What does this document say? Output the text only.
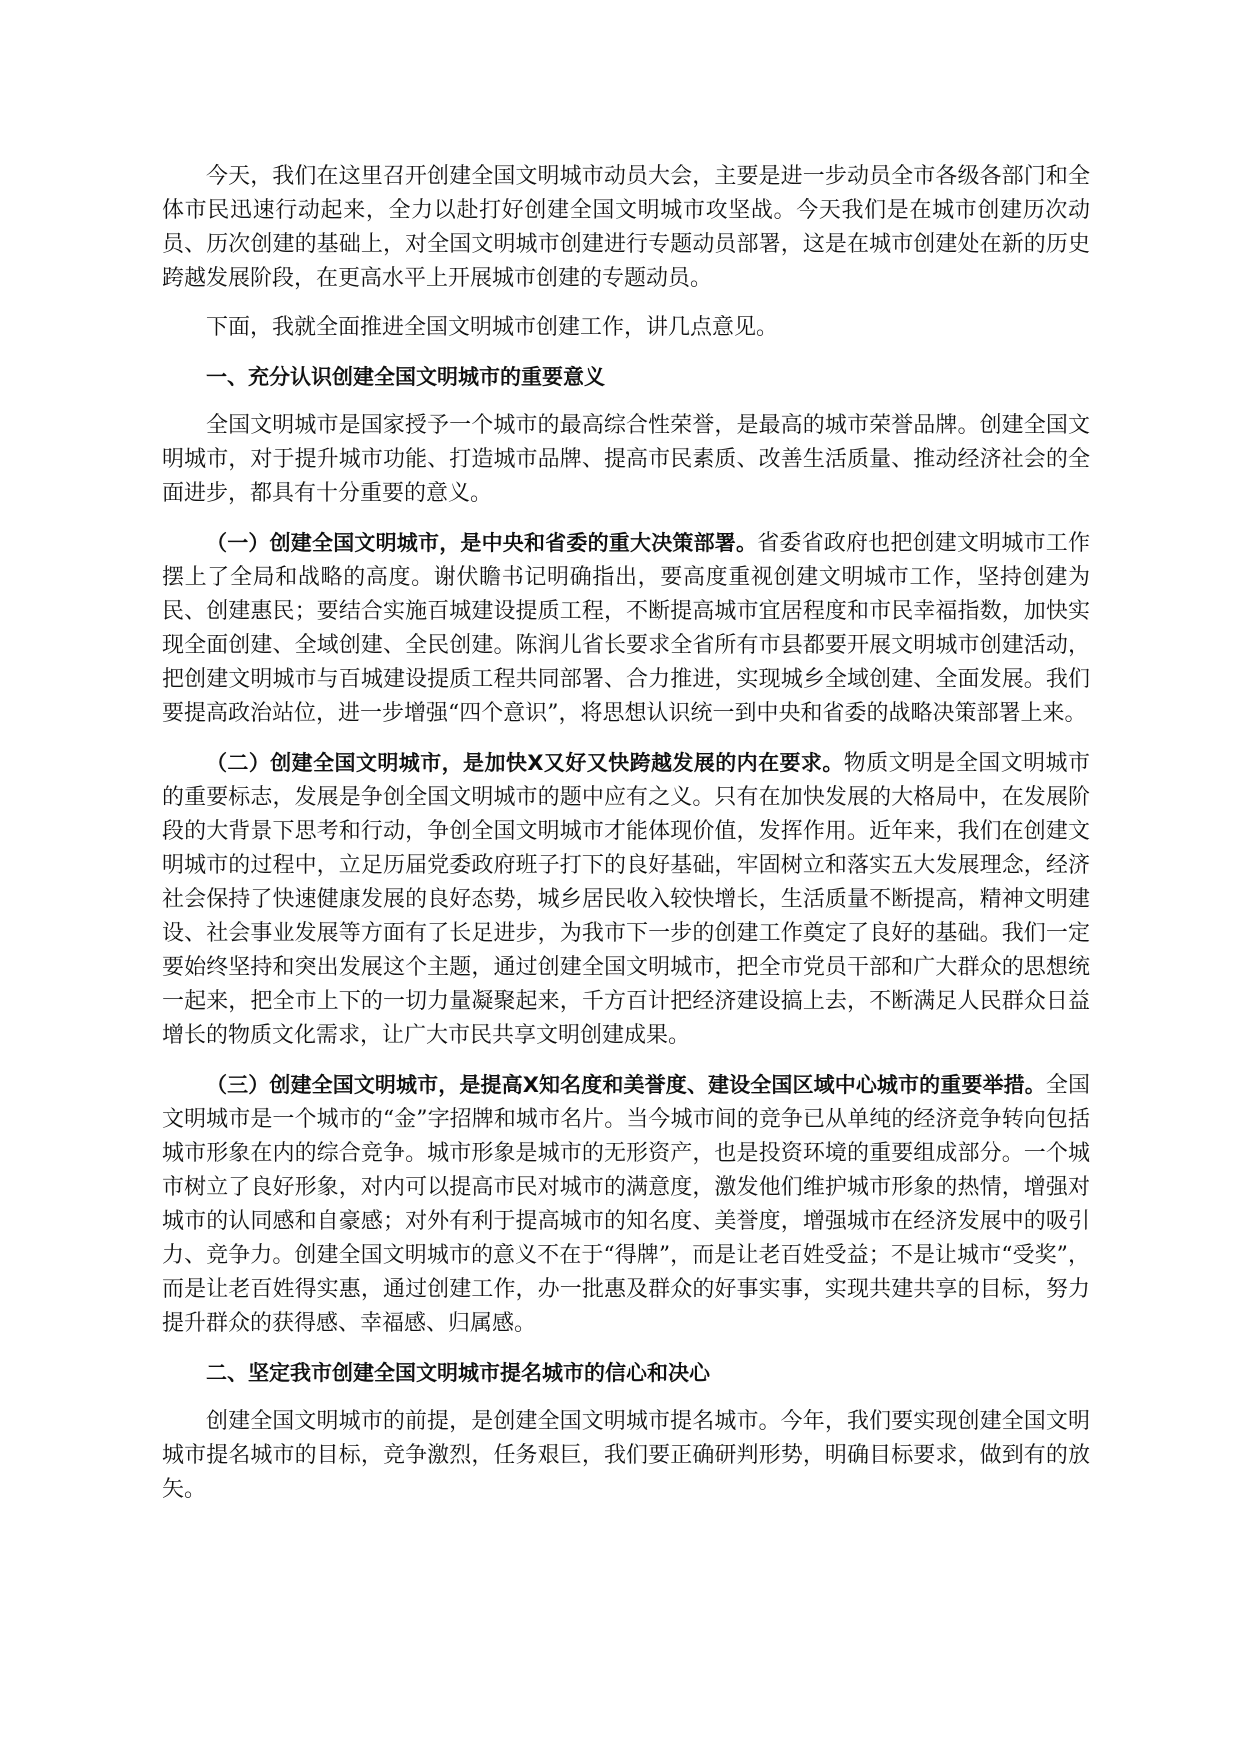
今天，我们在这里召开创建全国文明城市动员大会，主要是进一步动员全市各级各部门和全体市民迅速行动起来，全力以赴打好创建全国文明城市攻坚战。今天我们是在城市创建历次动员、历次创建的基础上，对全国文明城市创建进行专题动员部署，这是在城市创建处在新的历史跨越发展阶段，在更高水平上开展城市创建的专题动员。

下面，我就全面推进全国文明城市创建工作，讲几点意见。

一、充分认识创建全国文明城市的重要意义

全国文明城市是国家授予一个城市的最高综合性荣誉，是最高的城市荣誉品牌。创建全国文明城市，对于提升城市功能、打造城市品牌、提高市民素质、改善生活质量、推动经济社会的全面进步，都具有十分重要的意义。

（一）创建全国文明城市，是中央和省委的重大决策部署。省委省政府也把创建文明城市工作摆上了全局和战略的高度。谢伏瞻书记明确指出，要高度重视创建文明城市工作，坚持创建为民、创建惠民；要结合实施百城建设提质工程，不断提高城市宜居程度和市民幸福指数，加快实现全面创建、全域创建、全民创建。陈润儿省长要求全省所有市县都要开展文明城市创建活动，把创建文明城市与百城建设提质工程共同部署、合力推进，实现城乡全域创建、全面发展。我们要提高政治站位，进一步增强“四个意识”，将思想认识统一到中央和省委的战略决策部署上来。

（二）创建全国文明城市，是加快X又好又快跨越发展的内在要求。物质文明是全国文明城市的重要标志，发展是争创全国文明城市的题中应有之义。只有在加快发展的大格局中，在发展阶段的大背景下思考和行动，争创全国文明城市才能体现价值，发挥作用。近年来，我们在创建文明城市的过程中，立足历届党委政府班子打下的良好基础，牢固树立和落实五大发展理念，经济社会保持了快速健康发展的良好态势，城乡居民收入较快增长，生活质量不断提高，精神文明建设、社会事业发展等方面有了长足进步，为我市下一步的创建工作奠定了良好的基础。我们一定要始终坚持和突出发展这个主题，通过创建全国文明城市，把全市党员干部和广大群众的思想统一起来，把全市上下的一切力量凝聚起来，千方百计把经济建设搞上去，不断满足人民群众日益增长的物质文化需求，让广大市民共享文明创建成果。

（三）创建全国文明城市，是提高X知名度和美誉度、建设全国区域中心城市的重要举措。全国文明城市是一个城市的“金”字招牌和城市名片。当今城市间的竞争已从单纯的经济竞争转向包括城市形象在内的综合竞争。城市形象是城市的无形资产，也是投资环境的重要组成部分。一个城市树立了良好形象，对内可以提高市民对城市的满意度，激发他们维护城市形象的热情，增强对城市的认同感和自豪感；对外有利于提高城市的知名度、美誉度，增强城市在经济发展中的吸引力、竞争力。创建全国文明城市的意义不在于“得牌”，而是让老百姓受益；不是让城市“受奖”，而是让老百姓得实惠，通过创建工作，办一批惠及群众的好事实事，实现共建共享的目标，努力提升群众的获得感、幸福感、归属感。

二、坚定我市创建全国文明城市提名城市的信心和决心

创建全国文明城市的前提，是创建全国文明城市提名城市。今年，我们要实现创建全国文明城市提名城市的目标，竞争激烈，任务艰巨，我们要正确研判形势，明确目标要求，做到有的放矢。
